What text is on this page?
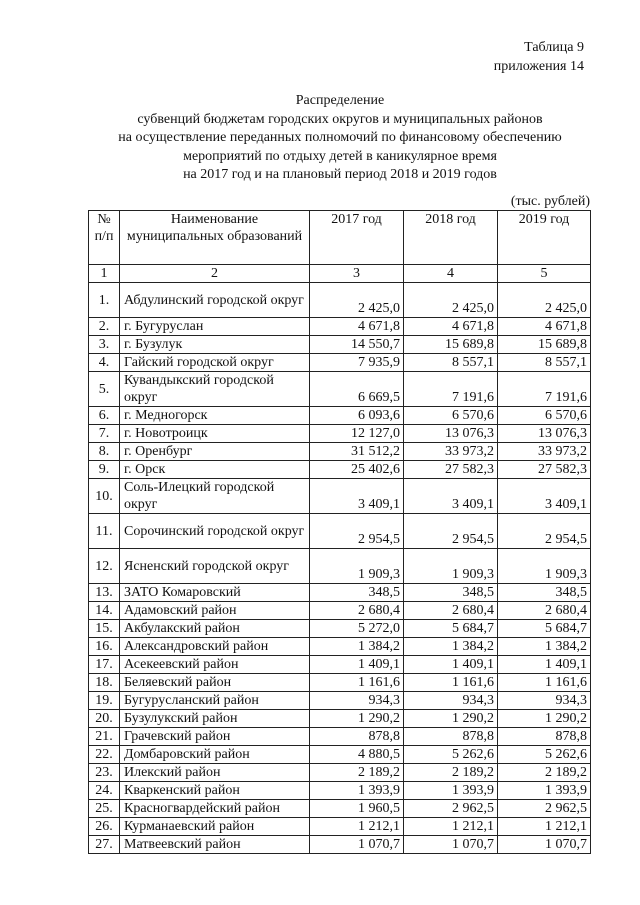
Таблица 9
приложения 14
Распределение
субвенций бюджетам городских округов и муниципальных районов
на осуществление переданных полномочий по финансовому обеспечению
мероприятий по отдыху детей в каникулярное время
на 2017 год и на плановый период 2018 и 2019 годов
(тыс. рублей)
№ п/п	Наименование муниципальных образований	2017 год	2018 год	2019 год
1	2	3	4	5
1.	Абдулинский городской округ	2 425,0	2 425,0	2 425,0
2.	г. Бугуруслан	4 671,8	4 671,8	4 671,8
3.	г. Бузулук	14 550,7	15 689,8	15 689,8
4.	Гайский городской округ	7 935,9	8 557,1	8 557,1
5.	Кувандыкский городской округ	6 669,5	7 191,6	7 191,6
6.	г. Медногорск	6 093,6	6 570,6	6 570,6
7.	г. Новотроицк	12 127,0	13 076,3	13 076,3
8.	г. Оренбург	31 512,2	33 973,2	33 973,2
9.	г. Орск	25 402,6	27 582,3	27 582,3
10.	Соль-Илецкий городской округ	3 409,1	3 409,1	3 409,1
11.	Сорочинский городской округ	2 954,5	2 954,5	2 954,5
12.	Ясненский городской округ	1 909,3	1 909,3	1 909,3
13.	ЗАТО Комаровский	348,5	348,5	348,5
14.	Адамовский район	2 680,4	2 680,4	2 680,4
15.	Акбулакский район	5 272,0	5 684,7	5 684,7
16.	Александровский район	1 384,2	1 384,2	1 384,2
17.	Асекеевский район	1 409,1	1 409,1	1 409,1
18.	Беляевский район	1 161,6	1 161,6	1 161,6
19.	Бугурусланский район	934,3	934,3	934,3
20.	Бузулукский район	1 290,2	1 290,2	1 290,2
21.	Грачевский район	878,8	878,8	878,8
22.	Домбаровский район	4 880,5	5 262,6	5 262,6
23.	Илекский район	2 189,2	2 189,2	2 189,2
24.	Кваркенский район	1 393,9	1 393,9	1 393,9
25.	Красногвардейский район	1 960,5	2 962,5	2 962,5
26.	Курманаевский район	1 212,1	1 212,1	1 212,1
27.	Матвеевский район	1 070,7	1 070,7	1 070,7
